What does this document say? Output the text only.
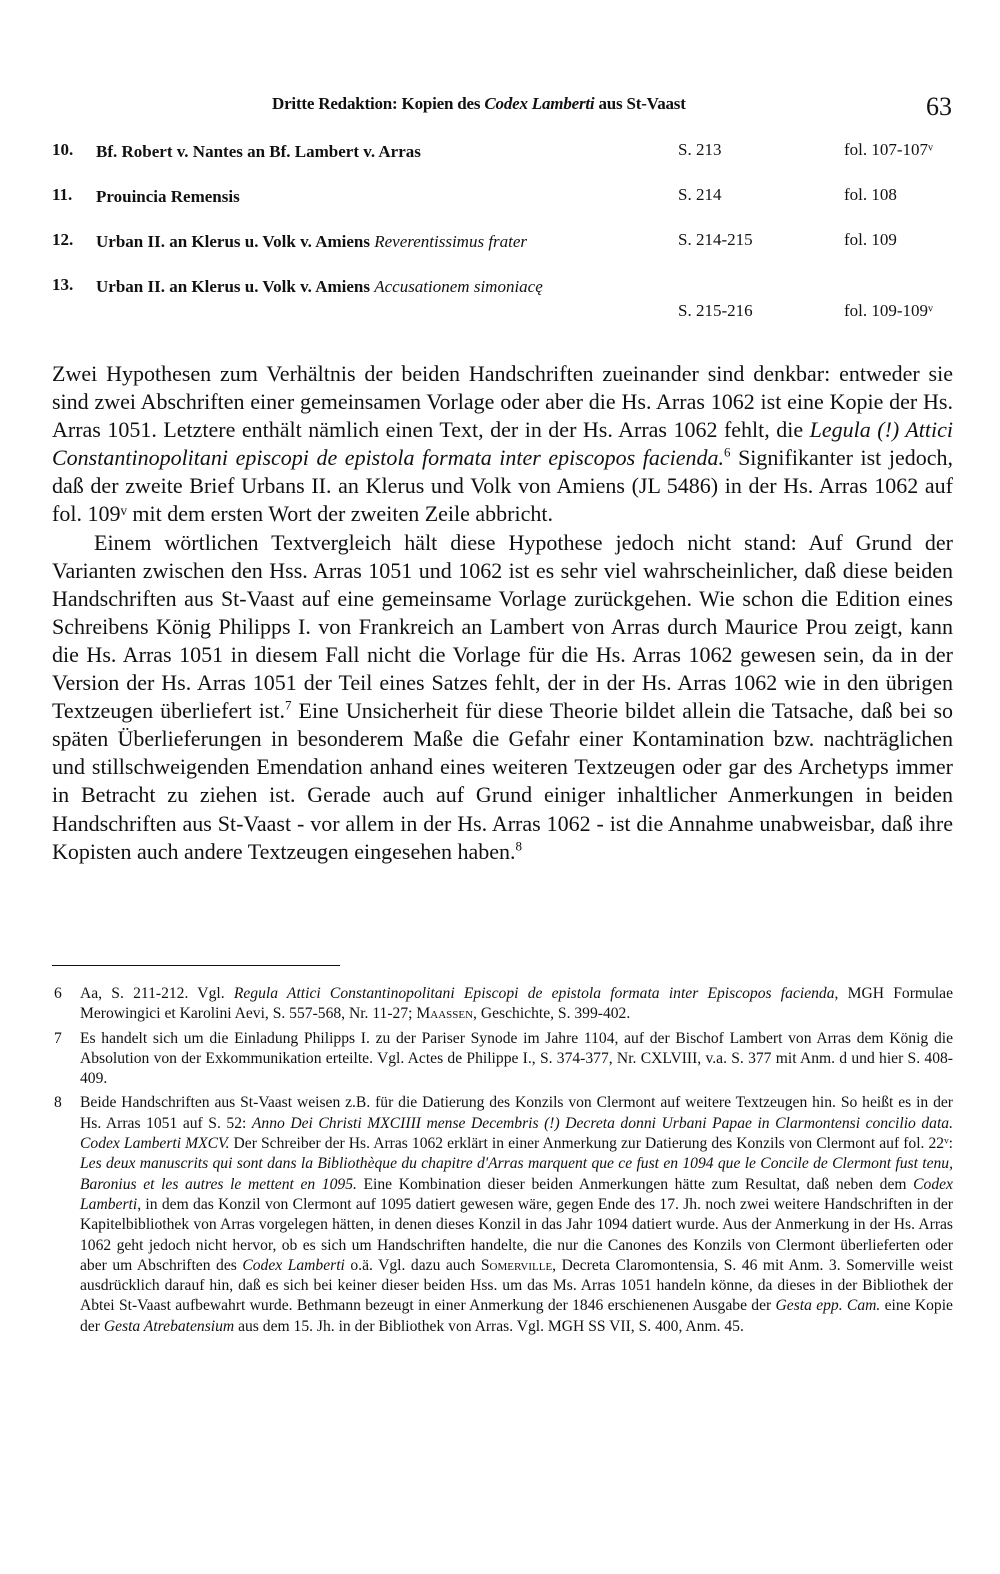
Dritte Redaktion: Kopien des Codex Lamberti aus St-Vaast	63
10. Bf. Robert v. Nantes an Bf. Lambert v. Arras	S. 213	fol. 107-107ᵛ
11. Prouincia Remensis	S. 214	fol. 108
12. Urban II. an Klerus u. Volk v. Amiens Reverentissimus frater	S. 214-215	fol. 109
13. Urban II. an Klerus u. Volk v. Amiens Accusationem simoniacę
S. 215-216	fol. 109-109ᵛ

Zwei Hypothesen zum Verhältnis der beiden Handschriften zueinander sind denkbar: entweder sie sind zwei Abschriften einer gemeinsamen Vorlage oder aber die Hs. Arras 1062 ist eine Kopie der Hs. Arras 1051. Letztere enthält nämlich einen Text, der in der Hs. Arras 1062 fehlt, die Legula (!) Attici Constantinopolitani episcopi de epistola formata inter episcopos facienda.$^6$ Signifikanter ist jedoch, daß der zweite Brief Urbans II. an Klerus und Volk von Amiens (JL 5486) in der Hs. Arras 1062 auf fol. 109ᵛ mit dem ersten Wort der zweiten Zeile abbricht.

Einem wörtlichen Textvergleich hält diese Hypothese jedoch nicht stand: Auf Grund der Varianten zwischen den Hss. Arras 1051 und 1062 ist es sehr viel wahrscheinlicher, daß diese beiden Handschriften aus St-Vaast auf eine gemeinsame Vorlage zurückgehen. Wie schon die Edition eines Schreibens König Philipps I. von Frankreich an Lambert von Arras durch Maurice Prou zeigt, kann die Hs. Arras 1051 in diesem Fall nicht die Vorlage für die Hs. Arras 1062 gewesen sein, da in der Version der Hs. Arras 1051 der Teil eines Satzes fehlt, der in der Hs. Arras 1062 wie in den übrigen Textzeugen überliefert ist.$^7$ Eine Unsicherheit für diese Theorie bildet allein die Tatsache, daß bei so späten Überlieferungen in besonderem Maße die Gefahr einer Kontamination bzw. nachträglichen und stillschweigenden Emendation anhand eines weiteren Textzeugen oder gar des Archetyps immer in Betracht zu ziehen ist. Gerade auch auf Grund einiger inhaltlicher Anmerkungen in beiden Handschriften aus St-Vaast - vor allem in der Hs. Arras 1062 - ist die Annahme unabweisbar, daß ihre Kopisten auch andere Textzeugen eingesehen haben.$^8$

6 Aa, S. 211-212. Vgl. Regula Attici Constantinopolitani Episcopi de epistola formata inter Episcopos facienda, MGH Formulae Merowingici et Karolini Aevi, S. 557-568, Nr. 11-27; Maassen, Geschichte, S. 399-402.
7 Es handelt sich um die Einladung Philipps I. zu der Pariser Synode im Jahre 1104, auf der Bischof Lambert von Arras dem König die Absolution von der Exkommunikation erteilte. Vgl. Actes de Philippe I., S. 374-377, Nr. CXLVIII, v.a. S. 377 mit Anm. d und hier S. 408-409.
8 Beide Handschriften aus St-Vaast weisen z.B. für die Datierung des Konzils von Clermont auf weitere Textzeugen hin. So heißt es in der Hs. Arras 1051 auf S. 52: Anno Dei Christi MXCIIII mense Decembris (!) Decreta donni Urbani Papae in Clarmontensi concilio data. Codex Lamberti MXCV. Der Schreiber der Hs. Arras 1062 erklärt in einer Anmerkung zur Datierung des Konzils von Clermont auf fol. 22ᵛ: Les deux manuscrits qui sont dans la Bibliothèque du chapitre d'Arras marquent que ce fust en 1094 que le Concile de Clermont fust tenu, Baronius et les autres le mettent en 1095. Eine Kombination dieser beiden Anmerkungen hätte zum Resultat, daß neben dem Codex Lamberti, in dem das Konzil von Clermont auf 1095 datiert gewesen wäre, gegen Ende des 17. Jh. noch zwei weitere Handschriften in der Kapitelbibliothek von Arras vorgelegen hätten, in denen dieses Konzil in das Jahr 1094 datiert wurde. Aus der Anmerkung in der Hs. Arras 1062 geht jedoch nicht hervor, ob es sich um Handschriften handelte, die nur die Canones des Konzils von Clermont überlieferten oder aber um Abschriften des Codex Lamberti o.ä. Vgl. dazu auch Somerville, Decreta Claromontensia, S. 46 mit Anm. 3. Somerville weist ausdrücklich darauf hin, daß es sich bei keiner dieser beiden Hss. um das Ms. Arras 1051 handeln könne, da dieses in der Bibliothek der Abtei St-Vaast aufbewahrt wurde. Bethmann bezeugt in einer Anmerkung der 1846 erschienenen Ausgabe der Gesta epp. Cam. eine Kopie der Gesta Atrebatensium aus dem 15. Jh. in der Bibliothek von Arras. Vgl. MGH SS VII, S. 400, Anm. 45.
